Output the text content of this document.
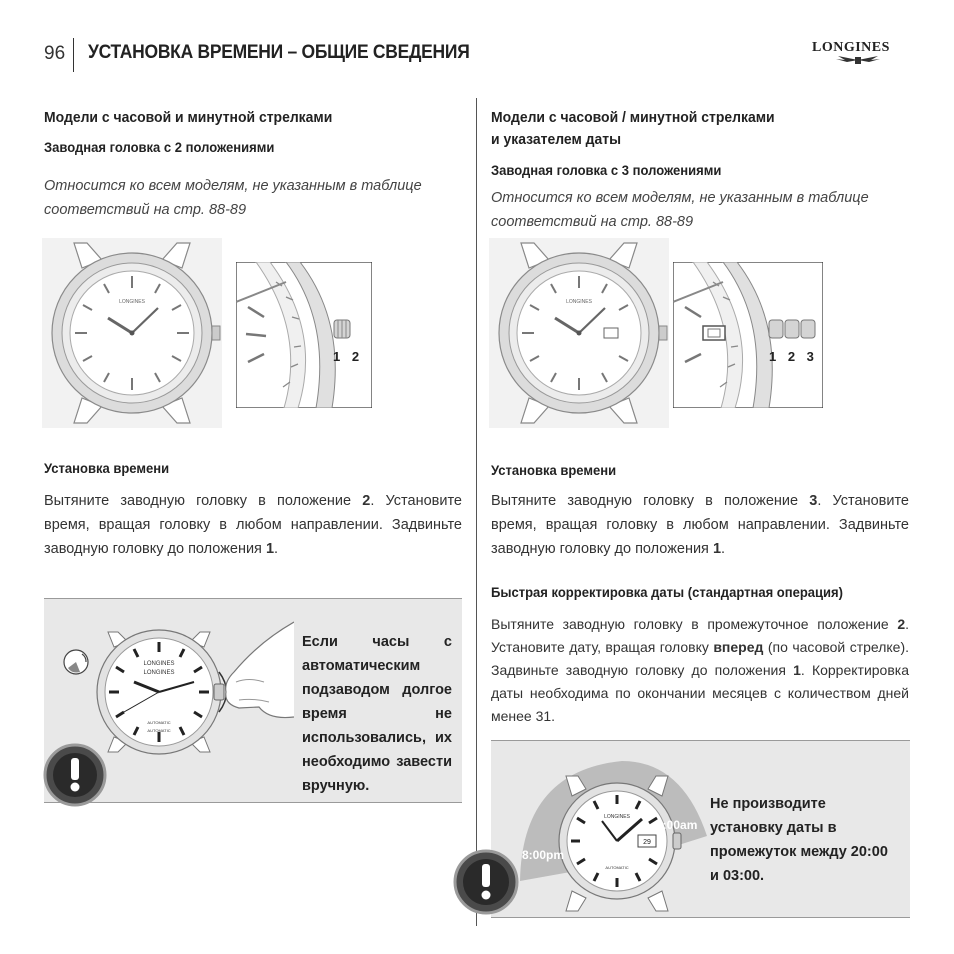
96 УСТАНОВКА ВРЕМЕНИ – ОБЩИЕ СВЕДЕНИЯ	LONGINES
Модели с часовой и минутной стрелками
Заводная головка с 2 положениями
Относится ко всем моделям, не указанным в таблице соответствий на стр. 88-89
LONGINES
1 2
Установка времени
Вытяните заводную головку в положение 2. Установите время, вращая головку в любом направлении. Задвиньте заводную головку до положения 1.
LONGINES
AUTOMATIC
LONGINES
AUTOMATIC
Если часы с автоматическим подзаводом долгое время не использовались, их необходимо завести вручную.
Модели с часовой / минутной стрелками
и указателем даты
Заводная головка с 3 положениями
Относится ко всем моделям, не указанным в таблице соответствий на стр. 88-89
LONGINES
1 2 3
Установка времени
Вытяните заводную головку в положение 3. Установите время, вращая головку в любом направлении. Задвиньте заводную головку до положения 1.
Быстрая корректировка даты (стандартная операция)
Вытяните заводную головку в промежуточное положение 2. Установите дату, вращая головку вперед (по часовой стрелке). Задвиньте заводную головку до положения 1. Корректировка даты необходима по окончании месяцев с количеством дней менее 31.
29
LONGINES
AUTOMATIC
8:00pm
3:00am
Не производите установку даты в промежуток между 20:00 и 03:00.
